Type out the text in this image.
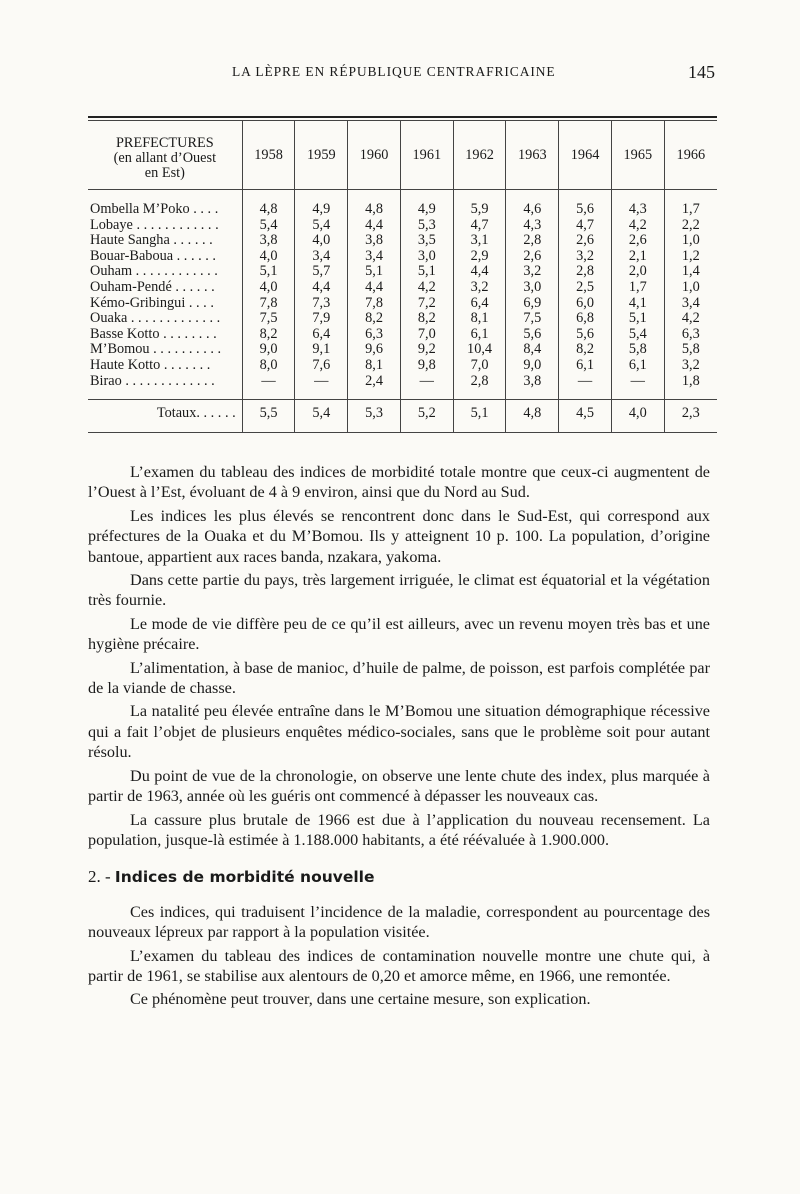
LA LÈPRE EN RÉPUBLIQUE CENTRAFRICAINE	145
PREFECTURES
(en allant d’Ouest
en Est)	1958	1959	1960	1961	1962	1963	1964	1965	1966

Ombella M’Poko . . . .	4,8	4,9	4,8	4,9	5,9	4,6	5,6	4,3	1,7
Lobaye . . . . . . . . . . . .	5,4	5,4	4,4	5,3	4,7	4,3	4,7	4,2	2,2
Haute Sangha . . . . . .	3,8	4,0	3,8	3,5	3,1	2,8	2,6	2,6	1,0
Bouar-Baboua . . . . . .	4,0	3,4	3,4	3,0	2,9	2,6	3,2	2,1	1,2
Ouham . . . . . . . . . . . .	5,1	5,7	5,1	5,1	4,4	3,2	2,8	2,0	1,4
Ouham-Pendé . . . . . .	4,0	4,4	4,4	4,2	3,2	3,0	2,5	1,7	1,0
Kémo-Gribingui . . . .	7,8	7,3	7,8	7,2	6,4	6,9	6,0	4,1	3,4
Ouaka . . . . . . . . . . . . .	7,5	7,9	8,2	8,2	8,1	7,5	6,8	5,1	4,2
Basse Kotto . . . . . . . .	8,2	6,4	6,3	7,0	6,1	5,6	5,6	5,4	6,3
M’Bomou . . . . . . . . . .	9,0	9,1	9,6	9,2	10,4	8,4	8,2	5,8	5,8
Haute Kotto . . . . . . .	8,0	7,6	8,1	9,8	7,0	9,0	6,1	6,1	3,2
Birao . . . . . . . . . . . . .	—	—	2,4	—	2,8	3,8	—	—	1,8

Totaux. . . . . .	5,5	5,4	5,3	5,2	5,1	4,8	4,5	4,0	2,3

L’examen du tableau des indices de morbidité totale montre que ceux-ci augmentent de l’Ouest à l’Est, évoluant de 4 à 9 environ, ainsi que du Nord au Sud.

Les indices les plus élevés se rencontrent donc dans le Sud-Est, qui correspond aux préfectures de la Ouaka et du M’Bomou. Ils y atteignent 10 p. 100. La population, d’origine bantoue, appartient aux races banda, nzakara, yakoma.

Dans cette partie du pays, très largement irriguée, le climat est équatorial et la végétation très fournie.

Le mode de vie diffère peu de ce qu’il est ailleurs, avec un revenu moyen très bas et une hygiène précaire.

L’alimentation, à base de manioc, d’huile de palme, de poisson, est parfois complétée par de la viande de chasse.

La natalité peu élevée entraîne dans le M’Bomou une situation démographique récessive qui a fait l’objet de plusieurs enquêtes médico-sociales, sans que le problème soit pour autant résolu.

Du point de vue de la chronologie, on observe une lente chute des index, plus marquée à partir de 1963, année où les guéris ont commencé à dépasser les nouveaux cas.

La cassure plus brutale de 1966 est due à l’application du nouveau recensement. La population, jusque-là estimée à 1.188.000 habitants, a été réévaluée à 1.900.000.

2. - Indices de morbidité nouvelle

Ces indices, qui traduisent l’incidence de la maladie, correspondent au pourcentage des nouveaux lépreux par rapport à la population visitée.

L’examen du tableau des indices de contamination nouvelle montre une chute qui, à partir de 1961, se stabilise aux alentours de 0,20 et amorce même, en 1966, une remontée.

Ce phénomène peut trouver, dans une certaine mesure, son explication.
